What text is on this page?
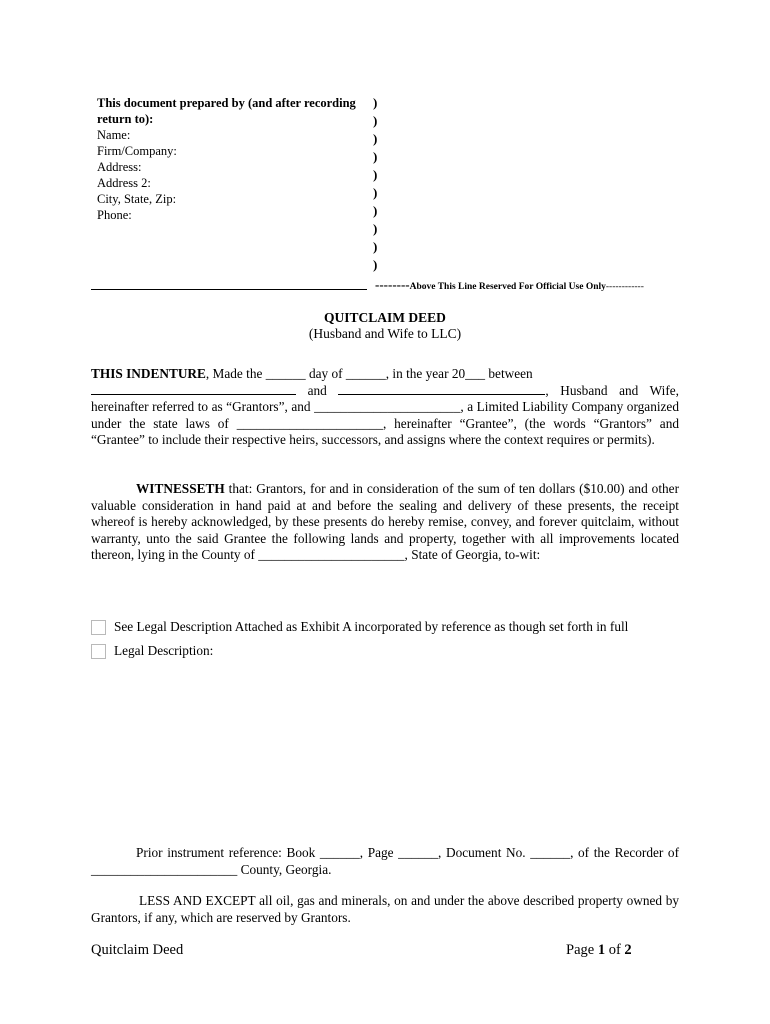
This document prepared by (and after recording return to):
Name:
Firm/Company:
Address:
Address 2:
City, State, Zip:
Phone:
)
)
)
)
)
)
)
)
)
)
--------Above This Line Reserved For Official Use Only------------
QUITCLAIM DEED
(Husband and Wife to LLC)
THIS INDENTURE, Made the ______ day of ______, in the year 20___ between
and	, Husband and Wife, hereinafter referred to as “Grantors”, and ______________________, a Limited Liability Company organized under the state laws of ______________________, hereinafter “Grantee”, (the words “Grantors” and “Grantee” to include their respective heirs, successors, and assigns where the context requires or permits).
WITNESSETH that: Grantors, for and in consideration of the sum of ten dollars ($10.00) and other valuable consideration in hand paid at and before the sealing and delivery of these presents, the receipt whereof is hereby acknowledged, by these presents do hereby remise, convey, and forever quitclaim, without warranty, unto the said Grantee the following lands and property, together with all improvements located thereon, lying in the County of ______________________, State of Georgia, to-wit:
See Legal Description Attached as Exhibit A incorporated by reference as though set forth in full
Legal Description:
Prior instrument reference: Book ______, Page ______, Document No. ______, of the Recorder of ______________________ County, Georgia.
LESS AND EXCEPT all oil, gas and minerals, on and under the above described property owned by Grantors, if any, which are reserved by Grantors.
Quitclaim Deed	Page 1 of 2
